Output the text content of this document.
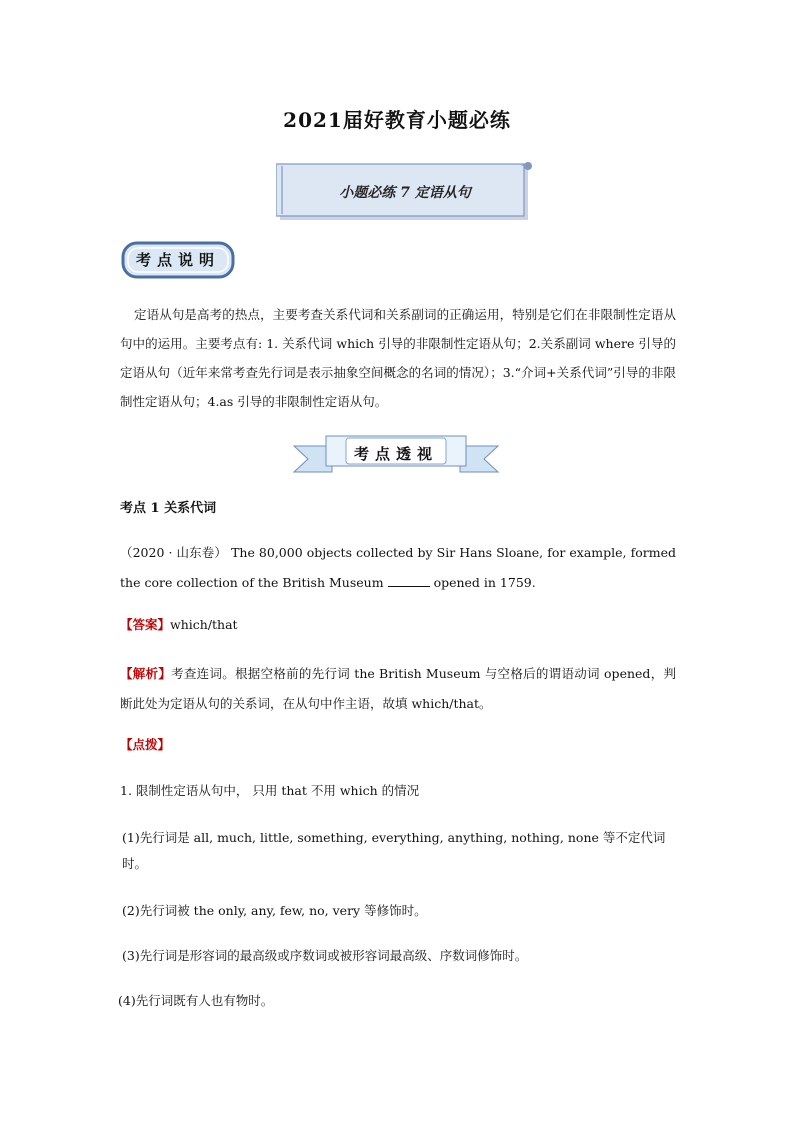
2021届好教育小题必练
小题必练 7 定语从句
考点说明
定语从句是高考的热点，主要考查关系代词和关系副词的正确运用，特别是它们在非限制性定语从句中的运用。主要考点有: 1. 关系代词 which 引导的非限制性定语从句；2.关系副词 where 引导的定语从句（近年来常考查先行词是表示抽象空间概念的名词的情况）；3.“介词+关系代词”引导的非限制性定语从句；4.as 引导的非限制性定语从句。
考点透视
考点 1 关系代词
（2020 · 山东卷） The 80,000 objects collected by Sir Hans Sloane, for example, formed the core collection of the British Museum	opened in 1759.
【答案】which/that
【解析】考查连词。根据空格前的先行词 the British Museum 与空格后的谓语动词 opened，判断此处为定语从句的关系词，在从句中作主语，故填 which/that。
【点拨】
1. 限制性定语从句中， 只用 that 不用 which 的情况
(1)先行词是 all, much, little, something, everything, anything, nothing, none 等不定代词时。
(2)先行词被 the only, any, few, no, very 等修饰时。
(3)先行词是形容词的最高级或序数词或被形容词最高级、序数词修饰时。
(4)先行词既有人也有物时。
